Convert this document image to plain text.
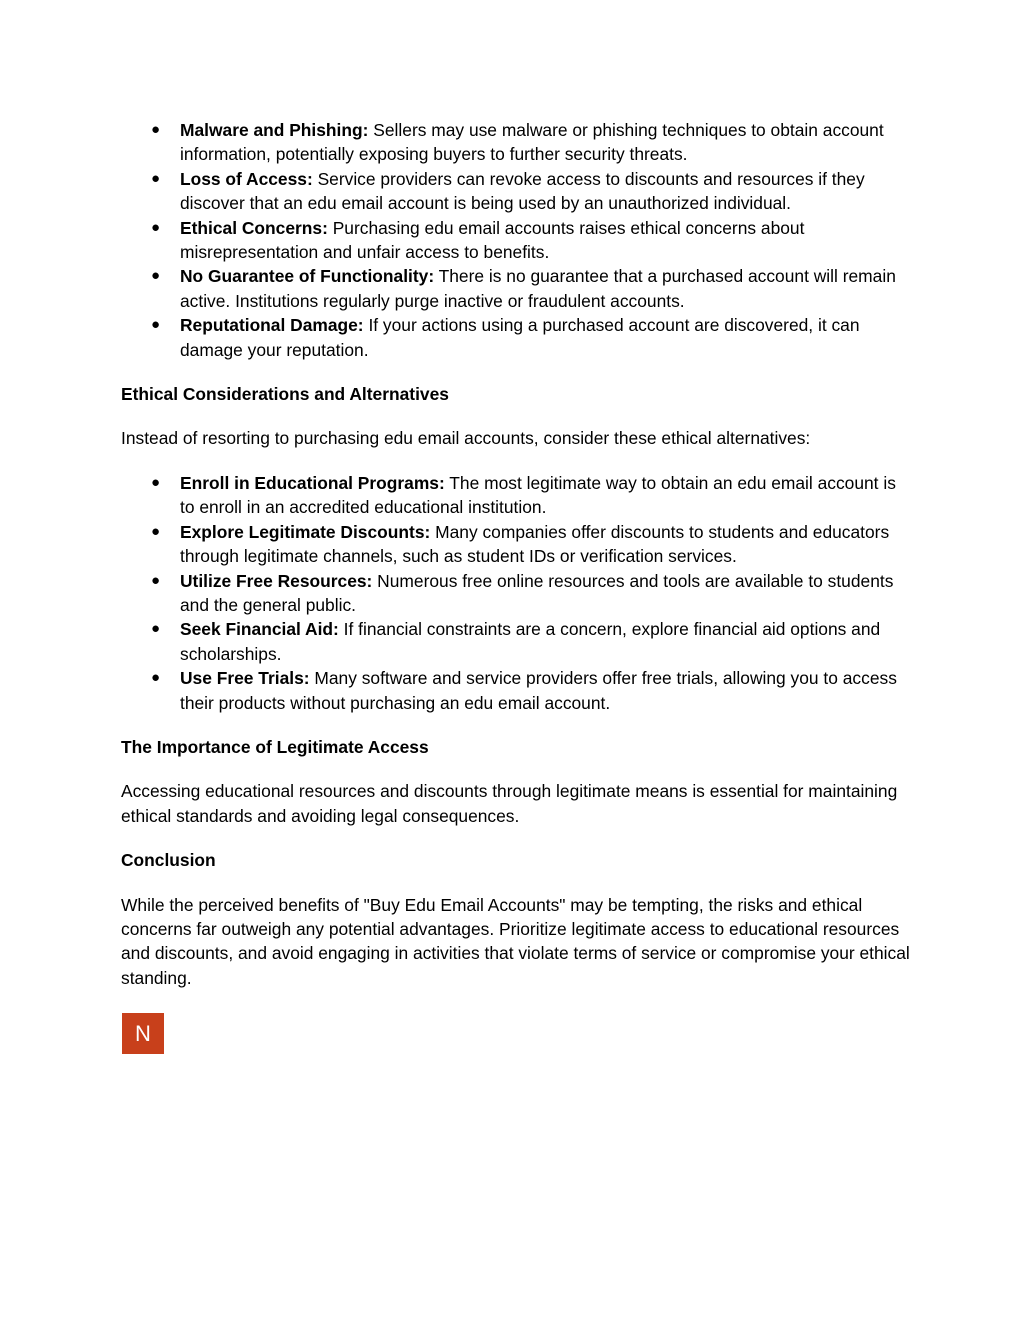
● Malware and Phishing: Sellers may use malware or phishing techniques to obtain account information, potentially exposing buyers to further security threats.
● Loss of Access: Service providers can revoke access to discounts and resources if they discover that an edu email account is being used by an unauthorized individual.
● Ethical Concerns: Purchasing edu email accounts raises ethical concerns about misrepresentation and unfair access to benefits.
● No Guarantee of Functionality: There is no guarantee that a purchased account will remain active. Institutions regularly purge inactive or fraudulent accounts.
● Reputational Damage: If your actions using a purchased account are discovered, it can damage your reputation.

Ethical Considerations and Alternatives

Instead of resorting to purchasing edu email accounts, consider these ethical alternatives:

● Enroll in Educational Programs: The most legitimate way to obtain an edu email account is to enroll in an accredited educational institution.
● Explore Legitimate Discounts: Many companies offer discounts to students and educators through legitimate channels, such as student IDs or verification services.
● Utilize Free Resources: Numerous free online resources and tools are available to students and the general public.
● Seek Financial Aid: If financial constraints are a concern, explore financial aid options and scholarships.
● Use Free Trials: Many software and service providers offer free trials, allowing you to access their products without purchasing an edu email account.

The Importance of Legitimate Access

Accessing educational resources and discounts through legitimate means is essential for maintaining ethical standards and avoiding legal consequences.

Conclusion

While the perceived benefits of "Buy Edu Email Accounts" may be tempting, the risks and ethical concerns far outweigh any potential advantages. Prioritize legitimate access to educational resources and discounts, and avoid engaging in activities that violate terms of service or compromise your ethical standing.

N
